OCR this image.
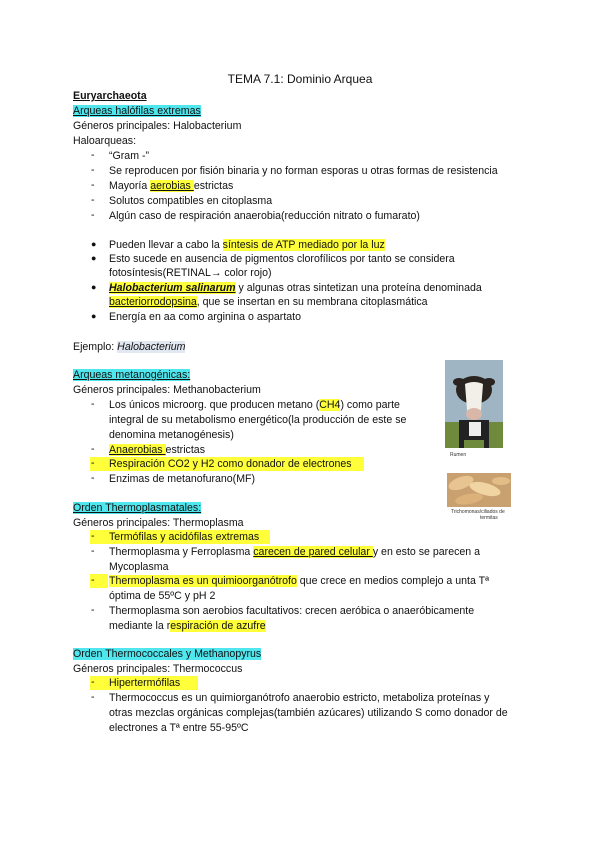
TEMA 7.1: Dominio Arquea
Euryarchaeota
Arqueas halófilas extremas
Géneros principales: Halobacterium
Haloarqueas:
- “Gram -”
- Se reproducen por fisión binaria y no forman esporas u otras formas de resistencia
- Mayoría aerobias estrictas
- Solutos compatibles en citoplasma
- Algún caso de respiración anaerobia(reducción nitrato o fumarato)
● Pueden llevar a cabo la síntesis de ATP mediado por la luz
● Esto sucede en ausencia de pigmentos clorofílicos por tanto se considera
fotosíntesis(RETINAL→ color rojo)
● Halobacterium salinarum y algunas otras sintetizan una proteína denominada
bacteriorrodopsina, que se insertan en su membrana citoplasmática
● Energía en aa como arginina o aspartato
Ejemplo: Halobacterium
Arqueas metanogénicas:
Géneros principales: Methanobacterium
- Los únicos microorg. que producen metano (CH4) como parte
integral de su metabolismo energético(la producción de este se
denomina metanogénesis)
- Anaerobias estrictas
- Respiración CO2 y H2 como donador de electrones
- Enzimas de metanofurano(MF)
Rumen
Trichomonas/ciliados de
termitas
Orden Thermoplasmatales:
Géneros principales: Thermoplasma
- Termófilas y acidófilas extremas
- Thermoplasma y Ferroplasma carecen de pared celular y en esto se parecen a
Mycoplasma
- Thermoplasma es un quimioorganótrofo que crece en medios complejo a unta Tª
óptima de 55ºC y pH 2
- Thermoplasma son aerobios facultativos: crecen aeróbica o anaeróbicamente
mediante la respiración de azufre
Orden Thermococcales y Methanopyrus
Géneros principales: Thermococcus
- Hipertermófilas
- Thermococcus es un quimiorganótrofo anaerobio estricto, metaboliza proteínas y
otras mezclas orgánicas complejas(también azúcares) utilizando S como donador de
electrones a Tª entre 55-95ºC
